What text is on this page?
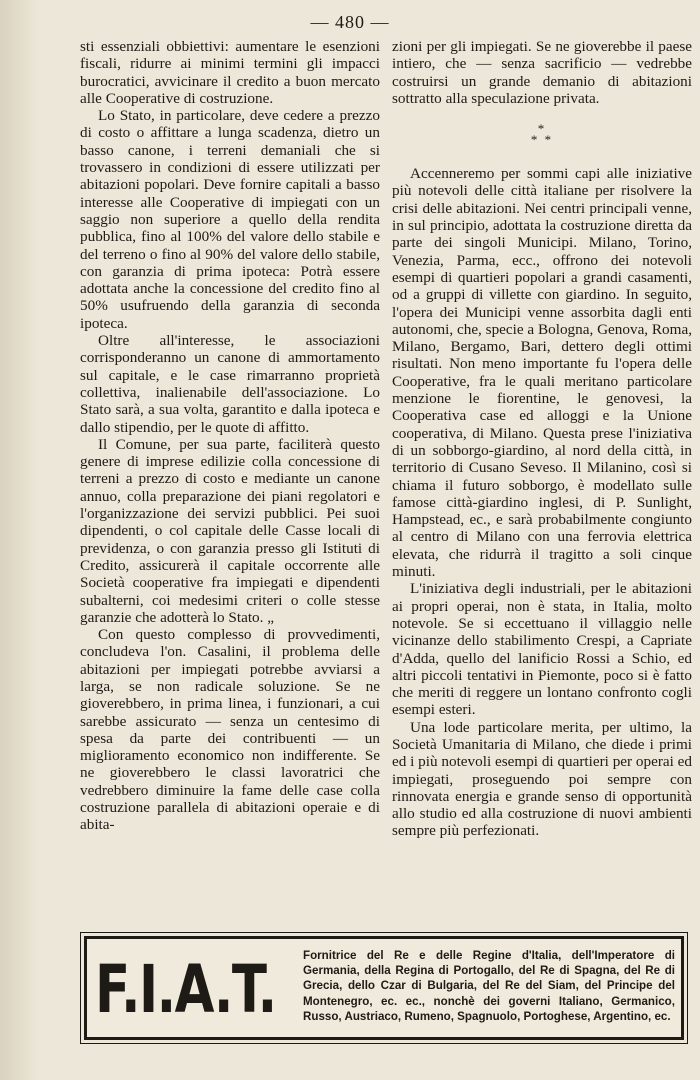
— 480 —

sti essenziali obbiettivi: aumentare le esenzioni fiscali, ridurre ai minimi termini gli impacci burocratici, avvicinare il credito a buon mercato alle Cooperative di costruzione.

Lo Stato, in particolare, deve cedere a prezzo di costo o affittare a lunga scadenza, dietro un basso canone, i terreni demaniali che si trovassero in condizioni di essere utilizzati per abitazioni popolari. Deve fornire capitali a basso interesse alle Cooperative di impiegati con un saggio non superiore a quello della rendita pubblica, fino al 100% del valore dello stabile e del terreno o fino al 90% del valore dello stabile, con garanzia di prima ipoteca: Potrà essere adottata anche la concessione del credito fino al 50% usufruendo della garanzia di seconda ipoteca.

Oltre all'interesse, le associazioni corrisponderanno un canone di ammortamento sul capitale, e le case rimarranno proprietà collettiva, inalienabile dell'associazione. Lo Stato sarà, a sua volta, garantito e dalla ipoteca e dallo stipendio, per le quote di affitto.

Il Comune, per sua parte, faciliterà questo genere di imprese edilizie colla concessione di terreni a prezzo di costo e mediante un canone annuo, colla preparazione dei piani regolatori e l'organizzazione dei servizi pubblici. Pei suoi dipendenti, o col capitale delle Casse locali di previdenza, o con garanzia presso gli Istituti di Credito, assicurerà il capitale occorrente alle Società cooperative fra impiegati e dipendenti subalterni, coi medesimi criteri o colle stesse garanzie che adotterà lo Stato. „

Con questo complesso di provvedimenti, concludeva l'on. Casalini, il problema delle abitazioni per impiegati potrebbe avviarsi a larga, se non radicale soluzione. Se ne gioverebbero, in prima linea, i funzionari, a cui sarebbe assicurato — senza un centesimo di spesa da parte dei contribuenti — un miglioramento economico non indifferente. Se ne gioverebbero le classi lavoratrici che vedrebbero diminuire la fame delle case colla costruzione parallela di abitazioni operaie e di abita-

zioni per gli impiegati. Se ne gioverebbe il paese intiero, che — senza sacrificio — vedrebbe costruirsi un grande demanio di abitazioni sottratto alla speculazione privata.

*
* *

Accenneremo per sommi capi alle iniziative più notevoli delle città italiane per risolvere la crisi delle abitazioni. Nei centri principali venne, in sul principio, adottata la costruzione diretta da parte dei singoli Municipi. Milano, Torino, Venezia, Parma, ecc., offrono dei notevoli esempi di quartieri popolari a grandi casamenti, od a gruppi di villette con giardino. In seguito, l'opera dei Municipi venne assorbita dagli enti autonomi, che, specie a Bologna, Genova, Roma, Milano, Bergamo, Bari, dettero degli ottimi risultati. Non meno importante fu l'opera delle Cooperative, fra le quali meritano particolare menzione le fiorentine, le genovesi, la Cooperativa case ed alloggi e la Unione cooperativa, di Milano. Questa prese l'iniziativa di un sobborgo-giardino, al nord della città, in territorio di Cusano Seveso. Il Milanino, così si chiama il futuro sobborgo, è modellato sulle famose città-giardino inglesi, di P. Sunlight, Hampstead, ec., e sarà probabilmente congiunto al centro di Milano con una ferrovia elettrica elevata, che ridurrà il tragitto a soli cinque minuti.

L'iniziativa degli industriali, per le abitazioni ai propri operai, non è stata, in Italia, molto notevole. Se si eccettuano il villaggio nelle vicinanze dello stabilimento Crespi, a Capriate d'Adda, quello del lanificio Rossi a Schio, ed altri piccoli tentativi in Piemonte, poco si è fatto che meriti di reggere un lontano confronto cogli esempi esteri.

Una lode particolare merita, per ultimo, la Società Umanitaria di Milano, che diede i primi ed i più notevoli esempi di quartieri per operai ed impiegati, proseguendo poi sempre con rinnovata energia e grande senso di opportunità allo studio ed alla costruzione di nuovi ambienti sempre più perfezionati.

F.I.A.T. Fornitrice del Re e delle Regine d'Italia, dell'Imperatore di Germania, della Regina di Portogallo, del Re di Spagna, del Re di Grecia, dello Czar di Bulgaria, del Re del Siam, del Principe del Montenegro, ec. ec., nonchè dei governi Italiano, Germanico, Russo, Austriaco, Rumeno, Spagnuolo, Portoghese, Argentino, ec.
